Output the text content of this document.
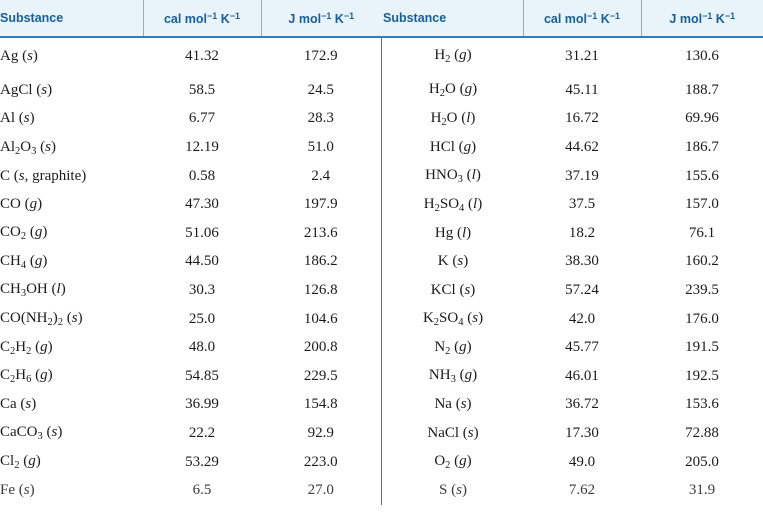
Substance	cal mol$^{-1}$ $K^{-1}$	J mol$^{-1}$ $K^{-1}$		Substance	cal mol$^{-1}$ $K^{-1}$	J mol$^{-1}$ $K^{-1}$
Ag (s)	41.32	172.9		$H_2$ (g)	31.21	130.6
AgCl (s)	58.5	24.5		$H_2O$ (g)	45.11	188.7
Al (s)	6.77	28.3		$H_2O$ (l)	16.72	69.96
$Al_2O_3$ (s)	12.19	51.0		HCl (g)	44.62	186.7
C (s, graphite)	0.58	2.4		$HNO_3$ (l)	37.19	155.6
CO (g)	47.30	197.9		$H_2SO_4$ (l)	37.5	157.0
$CO_2$ (g)	51.06	213.6		Hg (l)	18.2	76.1
$CH_4$ (g)	44.50	186.2		K (s)	38.30	160.2
$CH_3OH$ (l)	30.3	126.8		KCl (s)	57.24	239.5
$CO(NH_2)_2$ (s)	25.0	104.6		$K_2SO_4$ (s)	42.0	176.0
$C_2H_2$ (g)	48.0	200.8		$N_2$ (g)	45.77	191.5
$C_2H_6$ (g)	54.85	229.5		$NH_3$ (g)	46.01	192.5
Ca (s)	36.99	154.8		Na (s)	36.72	153.6
CaCO$_3$ (s)	22.2	92.9		NaCl (s)	17.30	72.88
$Cl_2$ (g)	53.29	223.0		$O_2$ (g)	49.0	205.0
Fe (s)	6.5	27.0		S (s)	7.62	31.9
